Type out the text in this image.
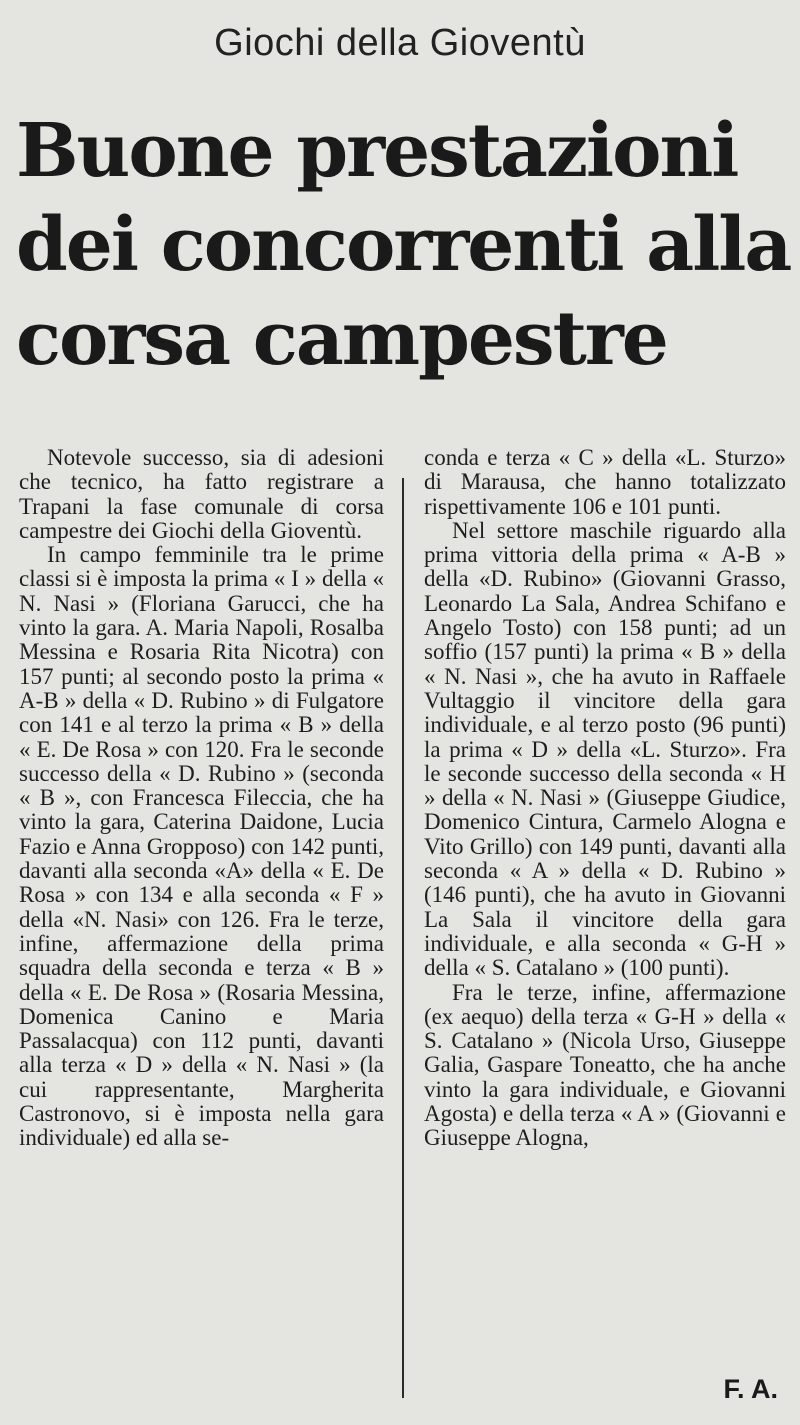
Giochi della Gioventù
Buone prestazioni
dei concorrenti alla
corsa campestre

Notevole successo, sia di adesioni che tecnico, ha fatto registrare a Trapani la fase comunale di corsa campestre dei Giochi della Gioventù.

In campo femminile tra le prime classi si è imposta la prima « I » della « N. Nasi » (Floriana Garucci, che ha vinto la gara. A. Maria Napoli, Rosalba Messina e Rosaria Rita Nicotra) con 157 punti; al secondo posto la prima « A-B » della « D. Rubino » di Fulgatore con 141 e al terzo la prima « B » della « E. De Rosa » con 120. Fra le seconde successo della « D. Rubino » (seconda « B », con Francesca Fileccia, che ha vinto la gara, Caterina Daidone, Lucia Fazio e Anna Gropposo) con 142 punti, davanti alla seconda «A» della « E. De Rosa » con 134 e alla seconda « F » della «N. Nasi» con 126. Fra le terze, infine, affermazione della prima squadra della seconda e terza « B » della « E. De Rosa » (Rosaria Messina, Domenica Canino e Maria Passalacqua) con 112 punti, davanti alla terza « D » della « N. Nasi » (la cui rappresentante, Margherita Castronovo, si è imposta nella gara individuale) ed alla se-

conda e terza « C » della «L. Sturzo» di Marausa, che hanno totalizzato rispettivamente 106 e 101 punti.

Nel settore maschile riguardo alla prima vittoria della prima « A-B » della «D. Rubino» (Giovanni Grasso, Leonardo La Sala, Andrea Schifano e Angelo Tosto) con 158 punti; ad un soffio (157 punti) la prima « B » della « N. Nasi », che ha avuto in Raffaele Vultaggio il vincitore della gara individuale, e al terzo posto (96 punti) la prima « D » della «L. Sturzo». Fra le seconde successo della seconda « H » della « N. Nasi » (Giuseppe Giudice, Domenico Cintura, Carmelo Alogna e Vito Grillo) con 149 punti, davanti alla seconda « A » della « D. Rubino » (146 punti), che ha avuto in Giovanni La Sala il vincitore della gara individuale, e alla seconda « G-H » della « S. Catalano » (100 punti).

Fra le terze, infine, affermazione (ex aequo) della terza « G-H » della « S. Catalano » (Nicola Urso, Giuseppe Galia, Gaspare Toneatto, che ha anche vinto la gara individuale, e Giovanni Agosta) e della terza « A » (Giovanni e Giuseppe Alogna,

F. A.
